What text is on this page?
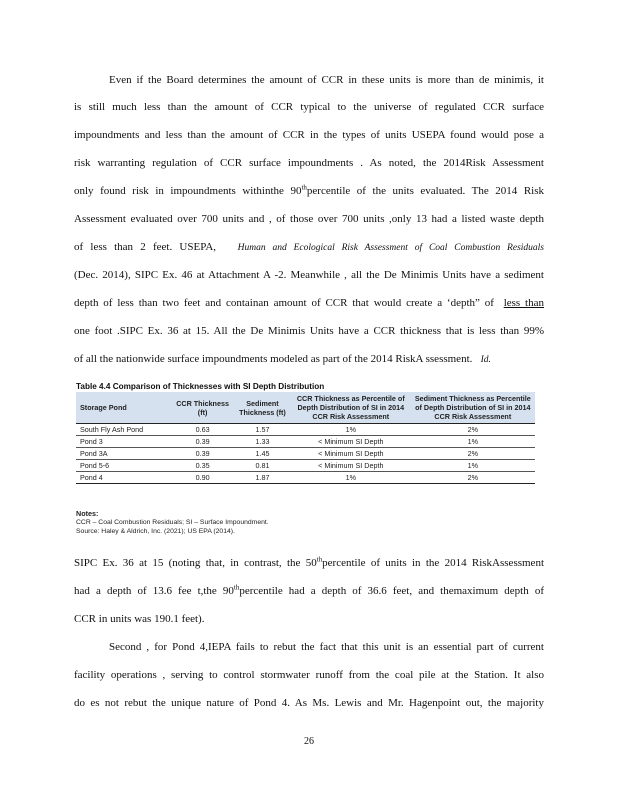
Even if the Board determines the amount of CCR in these units is more than de minimis, it
is still much less than the amount of CCR typical to the universe of regulated CCR surface
impoundments and less than the amount of CCR in the types of units USEPA found would pose a
risk warranting regulation of CCR surface impoundments . As noted, the 2014Risk Assessment
only found risk in impoundments withinthe 90thpercentile of the units evaluated. The 2014 Risk
Assessment evaluated over 700 units and , of those over 700 units ,only 13 had a listed waste depth
of less than 2 feet. USEPA, Human and Ecological Risk Assessment of Coal Combustion Residuals
(Dec. 2014), SIPC Ex. 46 at Attachment A -2. Meanwhile , all the De Minimis Units have a sediment
depth of less than two feet and containan amount of CCR that would create a ‘depth” of less than
one foot .SIPC Ex. 36 at 15. All the De Minimis Units have a CCR thickness that is less than 99%
of all the nationwide surface impoundments modeled as part of the 2014 RiskA ssessment. Id.
Table 4.4 Comparison of Thicknesses with SI Depth Distribution
Storage Pond	CCR Thickness (ft)	Sediment Thickness (ft)	CCR Thickness as Percentile of Depth Distribution of SI in 2014 CCR Risk Assessment	Sediment Thickness as Percentile of Depth Distribution of SI in 2014 CCR Risk Assessment
South Fly Ash Pond	0.63	1.57	1%	2%
Pond 3	0.39	1.33	< Minimum SI Depth	1%
Pond 3A	0.39	1.45	< Minimum SI Depth	2%
Pond 5-6	0.35	0.81	< Minimum SI Depth	1%
Pond 4	0.90	1.87	1%	2%
Notes:
CCR – Coal Combustion Residuals; SI – Surface Impoundment.
Source: Haley & Aldrich, Inc. (2021); US EPA (2014).
SIPC Ex. 36 at 15 (noting that, in contrast, the 50thpercentile of units in the 2014 RiskAssessment
had a depth of 13.6 fee t,the 90thpercentile had a depth of 36.6 feet, and themaximum depth of
CCR in units was 190.1 feet).
Second , for Pond 4,IEPA fails to rebut the fact that this unit is an essential part of current
facility operations , serving to control stormwater runoff from the coal pile at the Station. It also
do es not rebut the unique nature of Pond 4. As Ms. Lewis and Mr. Hagenpoint out, the majority
26
